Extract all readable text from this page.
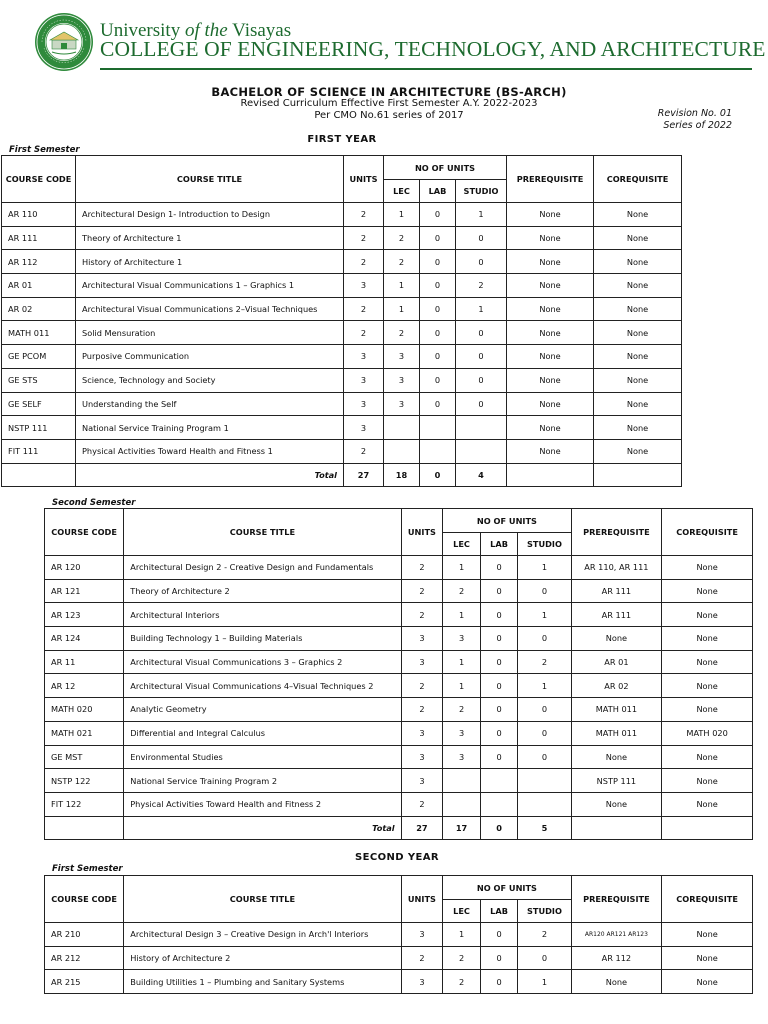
University of the Visayas
COLLEGE OF ENGINEERING, TECHNOLOGY, AND ARCHITECTURE
BACHELOR OF SCIENCE IN ARCHITECTURE (BS-ARCH)
Revised Curriculum Effective First Semester A.Y. 2022-2023
Per CMO No.61 series of 2017	Revision No. 01
Series of 2022
FIRST YEAR
First Semester
COURSE CODE	COURSE TITLE	UNITS	NO OF UNITS			PREREQUISITE	COREQUISITE
			LEC	LAB	STUDIO		
AR 110	Architectural Design 1- Introduction to Design	2	1	0	1	None	None
AR 111	Theory of Architecture 1	2	2	0	0	None	None
AR 112	History of Architecture 1	2	2	0	0	None	None
AR 01	Architectural Visual Communications 1 – Graphics 1	3	1	0	2	None	None
AR 02	Architectural Visual Communications 2–Visual Techniques	2	1	0	1	None	None
MATH 011	Solid Mensuration	2	2	0	0	None	None
GE PCOM	Purposive Communication	3	3	0	0	None	None
GE STS	Science, Technology and Society	3	3	0	0	None	None
GE SELF	Understanding the Self	3	3	0	0	None	None
NSTP 111	National Service Training Program 1	3				None	None
FIT 111	Physical Activities Toward Health and Fitness 1	2				None	None
	Total	27	18	0	4		
Second Semester
COURSE CODE	COURSE TITLE	UNITS	NO OF UNITS			PREREQUISITE	COREQUISITE
			LEC	LAB	STUDIO		
AR 120	Architectural Design 2 - Creative Design and Fundamentals	2	1	0	1	AR 110, AR 111	None
AR 121	Theory of Architecture 2	2	2	0	0	AR 111	None
AR 123	Architectural Interiors	2	1	0	1	AR 111	None
AR 124	Building Technology 1 – Building Materials	3	3	0	0	None	None
AR 11	Architectural Visual Communications 3 – Graphics 2	3	1	0	2	AR 01	None
AR 12	Architectural Visual Communications 4–Visual Techniques 2	2	1	0	1	AR 02	None
MATH 020	Analytic Geometry	2	2	0	0	MATH 011	None
MATH 021	Differential and Integral Calculus	3	3	0	0	MATH 011	MATH 020
GE MST	Environmental Studies	3	3	0	0	None	None
NSTP 122	National Service Training Program 2	3				NSTP 111	None
FIT 122	Physical Activities Toward Health and Fitness 2	2				None	None
	Total	27	17	0	5		
SECOND YEAR
First Semester
COURSE CODE	COURSE TITLE	UNITS	NO OF UNITS			PREREQUISITE	COREQUISITE
			LEC	LAB	STUDIO		
AR 210	Architectural Design 3 – Creative Design in Arch'l Interiors	3	1	0	2	AR120 AR121 AR123	None
AR 212	History of Architecture 2	2	2	0	0	AR 112	None
AR 215	Building Utilities 1 – Plumbing and Sanitary Systems	3	2	0	1	None	None
